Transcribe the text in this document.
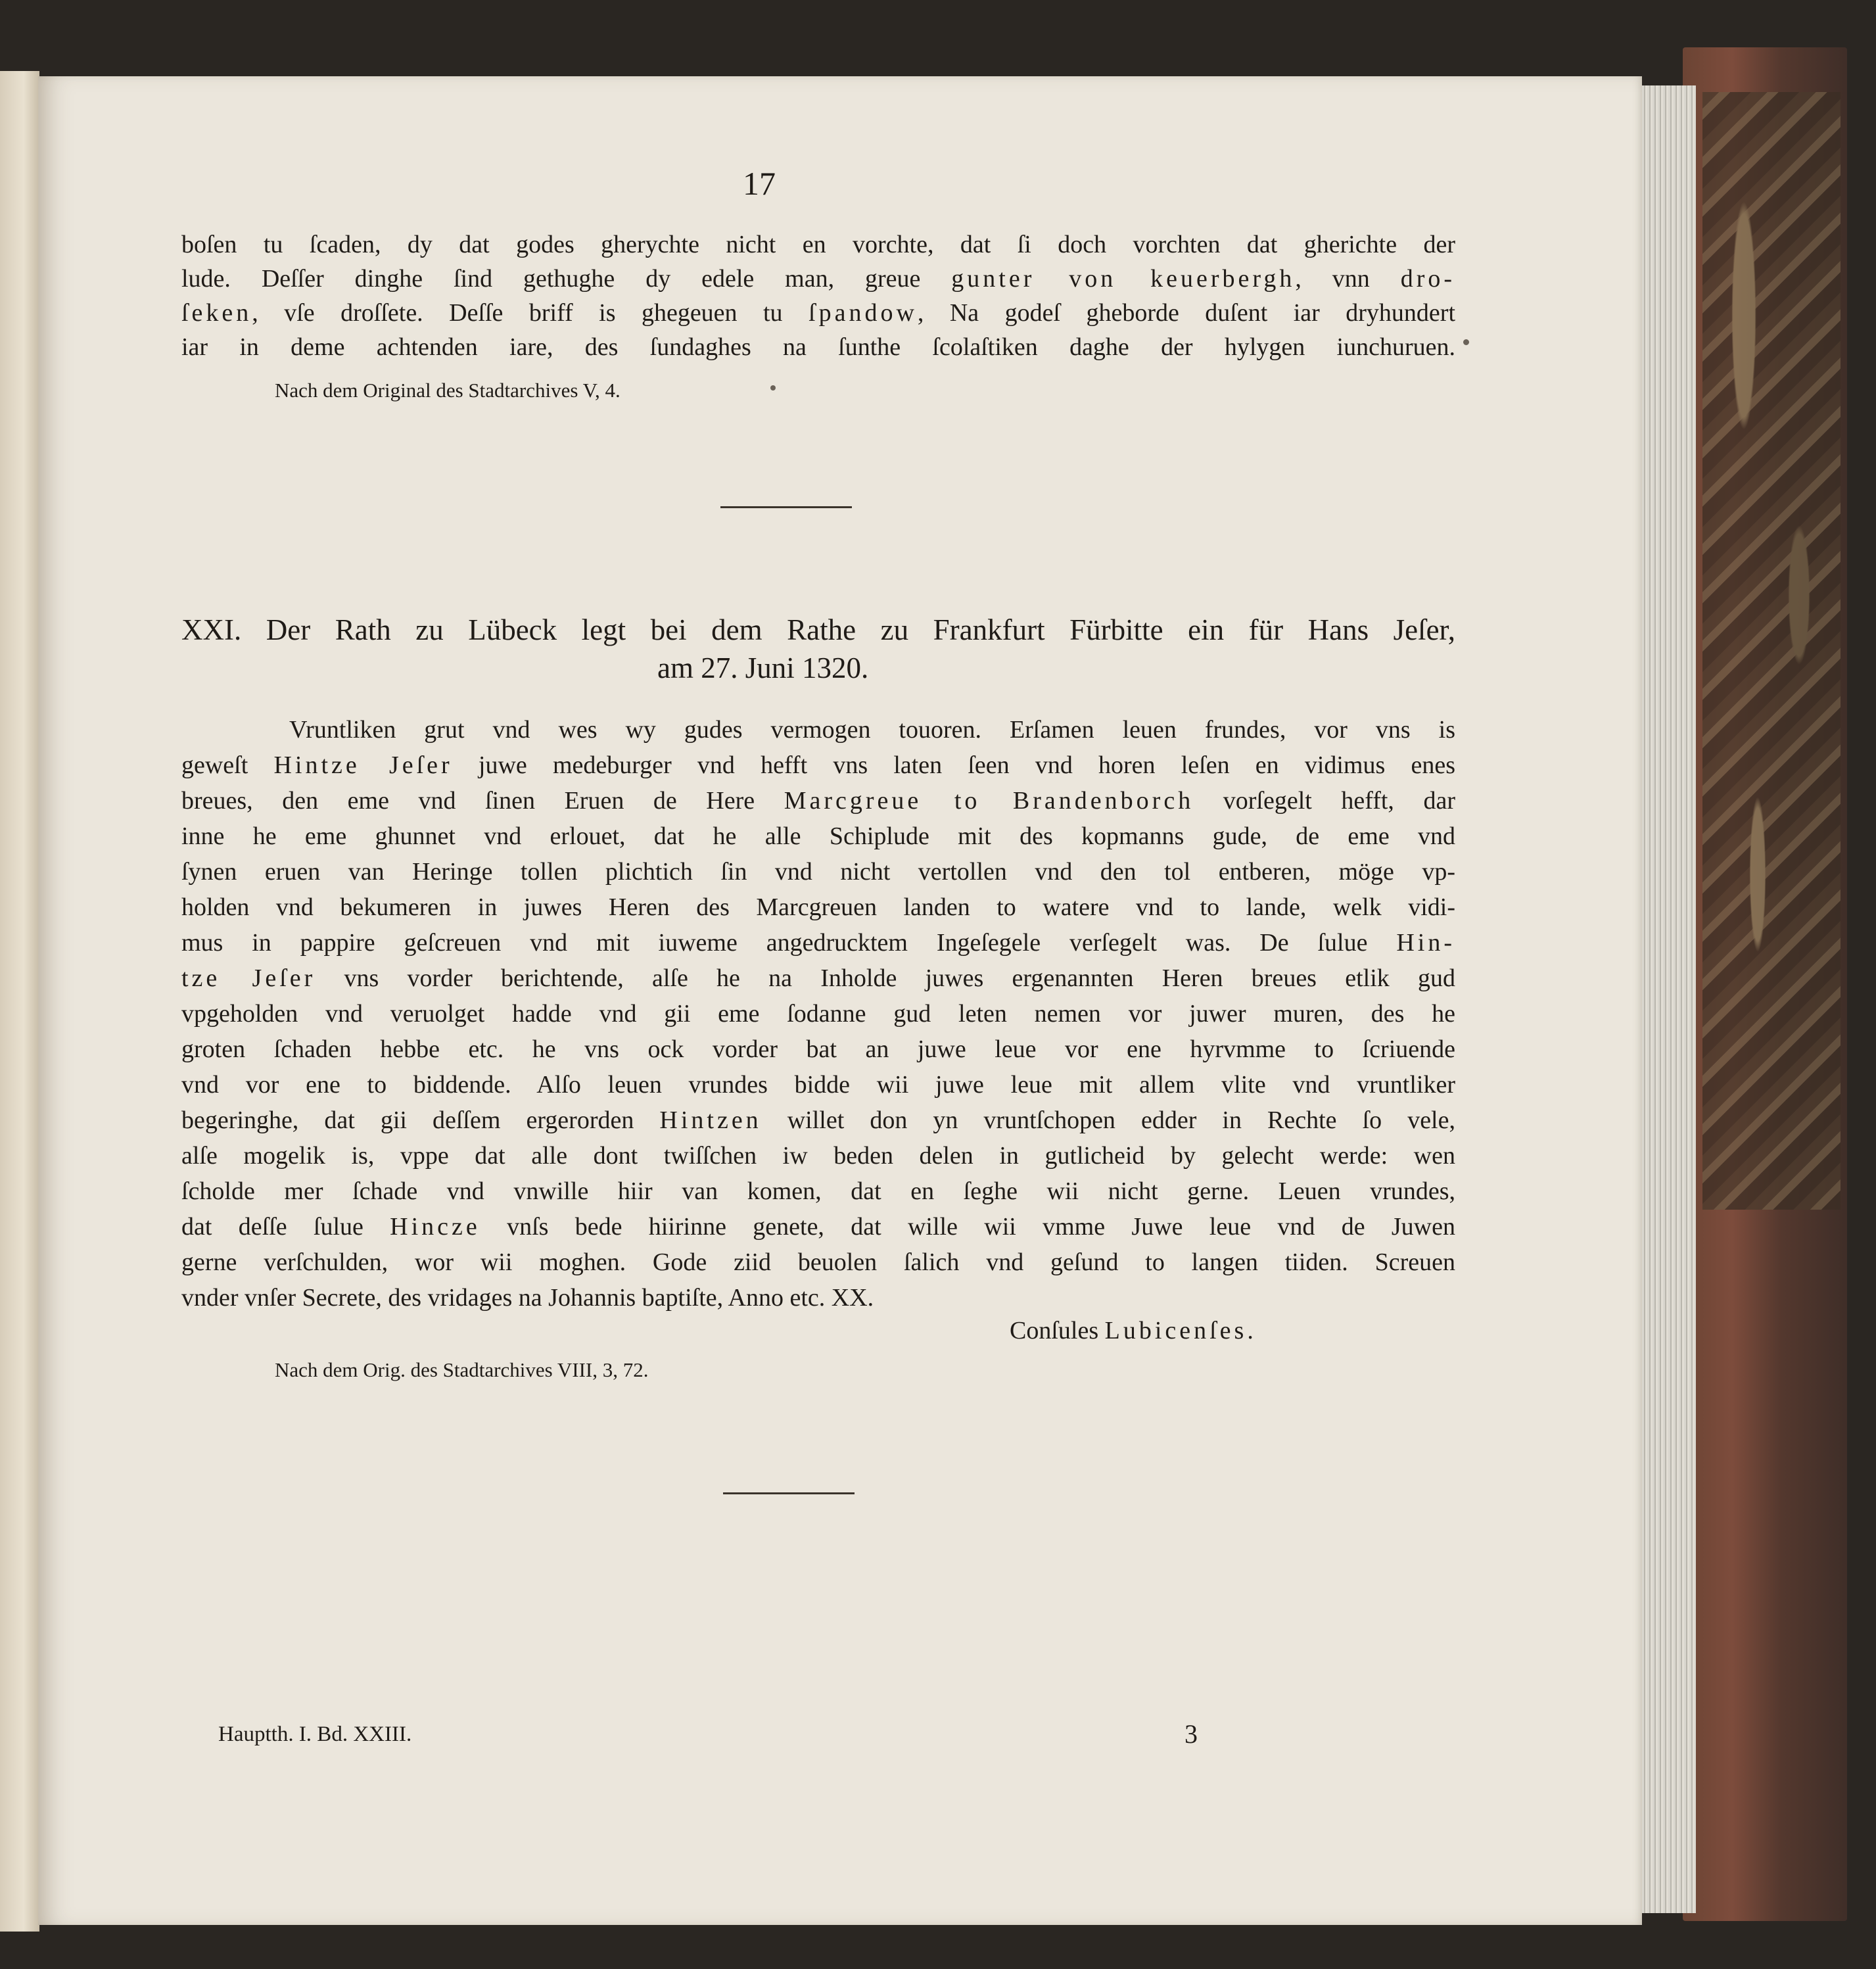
17
boſen tu ſcaden, dy dat godes gherychte nicht en vorchte, dat ſi doch vorchten dat gherichte der
lude. Deſſer dinghe ſind gethughe dy edele man, greue gunter von keuerbergh, vnn dro-
ſeken, vſe droſſete. Deſſe briff is ghegeuen tu ſpandow, Na godeſ gheborde duſent iar dryhundert
iar in deme achtenden iare, des ſundaghes na ſunthe ſcolaſtiken daghe der hylygen iunchuruen.
Nach dem Original des Stadtarchives V, 4.
XXI. Der Rath zu Lübeck legt bei dem Rathe zu Frankfurt Fürbitte ein für Hans Jeſer,
am 27. Juni 1320.
Vruntliken grut vnd wes wy gudes vermogen touoren. Erſamen leuen frundes, vor vns is
geweſt Hintze Jeſer juwe medeburger vnd hefft vns laten ſeen vnd horen leſen en vidimus enes
breues, den eme vnd ſinen Eruen de Here Marcgreue to Brandenborch vorſegelt hefft, dar
inne he eme ghunnet vnd erlouet, dat he alle Schiplude mit des kopmanns gude, de eme vnd
ſynen eruen van Heringe tollen plichtich ſin vnd nicht vertollen vnd den tol entberen, möge vp-
holden vnd bekumeren in juwes Heren des Marcgreuen landen to watere vnd to lande, welk vidi-
mus in pappire geſcreuen vnd mit iuweme angedrucktem Ingeſegele verſegelt was. De ſulue Hin-
tze Jeſer vns vorder berichtende, alſe he na Inholde juwes ergenannten Heren breues etlik gud
vpgeholden vnd veruolget hadde vnd gii eme ſodanne gud leten nemen vor juwer muren, des he
groten ſchaden hebbe etc. he vns ock vorder bat an juwe leue vor ene hyrvmme to ſcriuende
vnd vor ene to biddende. Alſo leuen vrundes bidde wii juwe leue mit allem vlite vnd vruntliker
begeringhe, dat gii deſſem ergerorden Hintzen willet don yn vruntſchopen edder in Rechte ſo vele,
alſe mogelik is, vppe dat alle dont twiſſchen iw beden delen in gutlicheid by gelecht werde: wen
ſcholde mer ſchade vnd vnwille hiir van komen, dat en ſeghe wii nicht gerne. Leuen vrundes,
dat deſſe ſulue Hincze vnſs bede hiirinne genete, dat wille wii vmme Juwe leue vnd de Juwen
gerne verſchulden, wor wii moghen. Gode ziid beuolen ſalich vnd geſund to langen tiiden. Screuen
vnder vnſer Secrete, des vridages na Johannis baptiſte, Anno etc. XX.
Conſules Lubicenſes.
Nach dem Orig. des Stadtarchives VIII, 3, 72.
Hauptth. I. Bd. XXIII.	3
